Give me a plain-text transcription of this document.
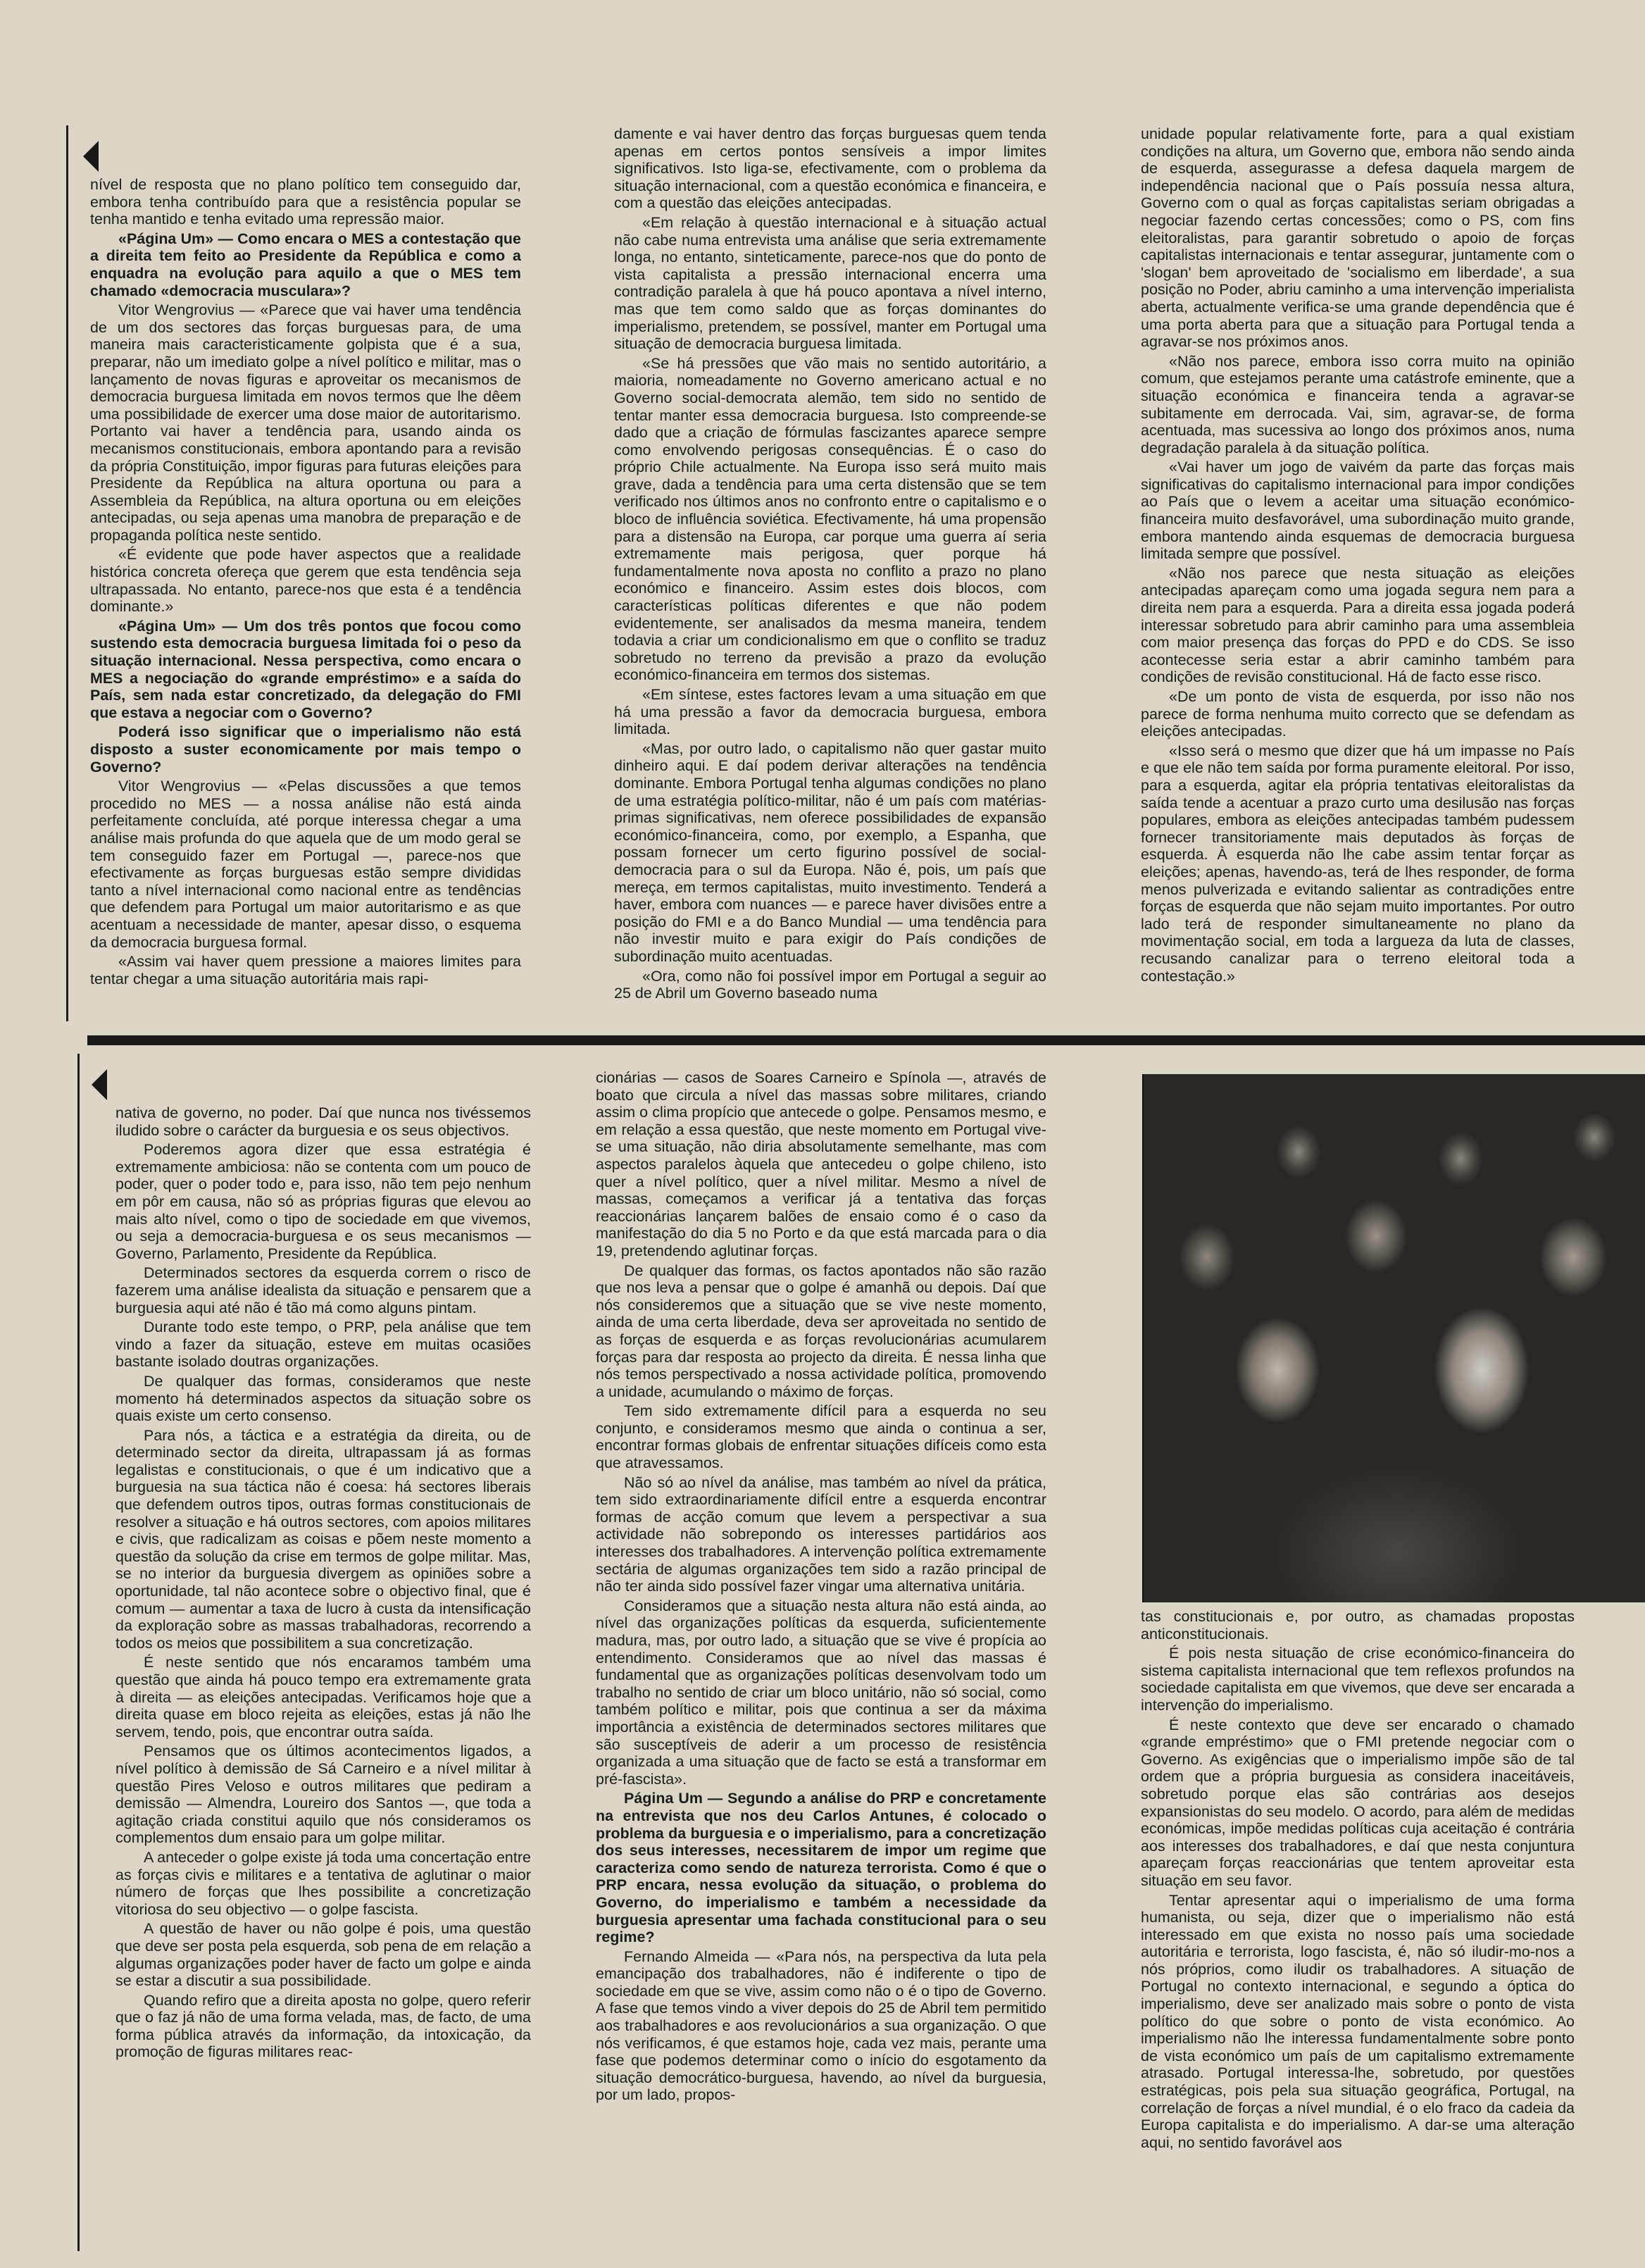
nível de resposta que no plano político tem conseguido dar, embora tenha contribuído para que a resistência popular se tenha mantido e tenha evitado uma repressão maior.

«Página Um» — Como encara o MES a contestação que a direita tem feito ao Presidente da República e como a enquadra na evolução para aquilo a que o MES tem chamado «democracia musculara»?

Vitor Wengrovius — «Parece que vai haver uma tendência de um dos sectores das forças burguesas para, de uma maneira mais caracteristicamente golpista que é a sua, preparar, não um imediato golpe a nível político e militar, mas o lançamento de novas figuras e aproveitar os mecanismos de democracia burguesa limitada em novos termos que lhe dêem uma possibilidade de exercer uma dose maior de autoritarismo. Portanto vai haver a tendência para, usando ainda os mecanismos constitucionais, embora apontando para a revisão da própria Constituição, impor figuras para futuras eleições para Presidente da República na altura oportuna ou para a Assembleia da República, na altura oportuna ou em eleições antecipadas, ou seja apenas uma manobra de preparação e de propaganda política neste sentido.

«É evidente que pode haver aspectos que a realidade histórica concreta ofereça que gerem que esta tendência seja ultrapassada. No entanto, parece-nos que esta é a tendência dominante.»

«Página Um» — Um dos três pontos que focou como sustendo esta democracia burguesa limitada foi o peso da situação internacional. Nessa perspectiva, como encara o MES a negociação do «grande empréstimo» e a saída do País, sem nada estar concretizado, da delegação do FMI que estava a negociar com o Governo?

Poderá isso significar que o imperialismo não está disposto a suster economicamente por mais tempo o Governo?

Vitor Wengrovius — «Pelas discussões a que temos procedido no MES — a nossa análise não está ainda perfeitamente concluída, até porque interessa chegar a uma análise mais profunda do que aquela que de um modo geral se tem conseguido fazer em Portugal —, parece-nos que efectivamente as forças burguesas estão sempre divididas tanto a nível internacional como nacional entre as tendências que defendem para Portugal um maior autoritarismo e as que acentuam a necessidade de manter, apesar disso, o esquema da democracia burguesa formal.

«Assim vai haver quem pressione a maiores limites para tentar chegar a uma situação autoritária mais rapi-

damente e vai haver dentro das forças burguesas quem tenda apenas em certos pontos sensíveis a impor limites significativos. Isto liga-se, efectivamente, com o problema da situação internacional, com a questão económica e financeira, e com a questão das eleições antecipadas.

«Em relação à questão internacional e à situação actual não cabe numa entrevista uma análise que seria extremamente longa, no entanto, sinteticamente, parece-nos que do ponto de vista capitalista a pressão internacional encerra uma contradição paralela à que há pouco apontava a nível interno, mas que tem como saldo que as forças dominantes do imperialismo, pretendem, se possível, manter em Portugal uma situação de democracia burguesa limitada.

«Se há pressões que vão mais no sentido autoritário, a maioria, nomeadamente no Governo americano actual e no Governo social-democrata alemão, tem sido no sentido de tentar manter essa democracia burguesa. Isto compreende-se dado que a criação de fórmulas fascizantes aparece sempre como envolvendo perigosas consequências. É o caso do próprio Chile actualmente. Na Europa isso será muito mais grave, dada a tendência para uma certa distensão que se tem verificado nos últimos anos no confronto entre o capitalismo e o bloco de influência soviética. Efectivamente, há uma propensão para a distensão na Europa, car porque uma guerra aí seria extremamente mais perigosa, quer porque há fundamentalmente nova aposta no conflito a prazo no plano económico e financeiro. Assim estes dois blocos, com características políticas diferentes e que não podem evidentemente, ser analisados da mesma maneira, tendem todavia a criar um condicionalismo em que o conflito se traduz sobretudo no terreno da previsão a prazo da evolução económico-financeira em termos dos sistemas.

«Em síntese, estes factores levam a uma situação em que há uma pressão a favor da democracia burguesa, embora limitada.

«Mas, por outro lado, o capitalismo não quer gastar muito dinheiro aqui. E daí podem derivar alterações na tendência dominante. Embora Portugal tenha algumas condições no plano de uma estratégia político-militar, não é um país com matérias-primas significativas, nem oferece possibilidades de expansão económico-financeira, como, por exemplo, a Espanha, que possam fornecer um certo figurino possível de social-democracia para o sul da Europa. Não é, pois, um país que mereça, em termos capitalistas, muito investimento. Tenderá a haver, embora com nuances — e parece haver divisões entre a posição do FMI e a do Banco Mundial — uma tendência para não investir muito e para exigir do País condições de subordinação muito acentuadas.

«Ora, como não foi possível impor em Portugal a seguir ao 25 de Abril um Governo baseado numa

unidade popular relativamente forte, para a qual existiam condições na altura, um Governo que, embora não sendo ainda de esquerda, assegurasse a defesa daquela margem de independência nacional que o País possuía nessa altura, Governo com o qual as forças capitalistas seriam obrigadas a negociar fazendo certas concessões; como o PS, com fins eleitoralistas, para garantir sobretudo o apoio de forças capitalistas internacionais e tentar assegurar, juntamente com o 'slogan' bem aproveitado de 'socialismo em liberdade', a sua posição no Poder, abriu caminho a uma intervenção imperialista aberta, actualmente verifica-se uma grande dependência que é uma porta aberta para que a situação para Portugal tenda a agravar-se nos próximos anos.

«Não nos parece, embora isso corra muito na opinião comum, que estejamos perante uma catástrofe eminente, que a situação económica e financeira tenda a agravar-se subitamente em derrocada. Vai, sim, agravar-se, de forma acentuada, mas sucessiva ao longo dos próximos anos, numa degradação paralela à da situação política.

«Vai haver um jogo de vaivém da parte das forças mais significativas do capitalismo internacional para impor condições ao País que o levem a aceitar uma situação económico-financeira muito desfavorável, uma subordinação muito grande, embora mantendo ainda esquemas de democracia burguesa limitada sempre que possível.

«Não nos parece que nesta situação as eleições antecipadas apareçam como uma jogada segura nem para a direita nem para a esquerda. Para a direita essa jogada poderá interessar sobretudo para abrir caminho para uma assembleia com maior presença das forças do PPD e do CDS. Se isso acontecesse seria estar a abrir caminho também para condições de revisão constitucional. Há de facto esse risco.

«De um ponto de vista de esquerda, por isso não nos parece de forma nenhuma muito correcto que se defendam as eleições antecipadas.

«Isso será o mesmo que dizer que há um impasse no País e que ele não tem saída por forma puramente eleitoral. Por isso, para a esquerda, agitar ela própria tentativas eleitoralistas da saída tende a acentuar a prazo curto uma desilusão nas forças populares, embora as eleições antecipadas também pudessem fornecer transitoriamente mais deputados às forças de esquerda. À esquerda não lhe cabe assim tentar forçar as eleições; apenas, havendo-as, terá de lhes responder, de forma menos pulverizada e evitando salientar as contradições entre forças de esquerda que não sejam muito importantes. Por outro lado terá de responder simultaneamente no plano da movimentação social, em toda a largueza da luta de classes, recusando canalizar para o terreno eleitoral toda a contestação.»

nativa de governo, no poder. Daí que nunca nos tivéssemos iludido sobre o carácter da burguesia e os seus objectivos.

Poderemos agora dizer que essa estratégia é extremamente ambiciosa: não se contenta com um pouco de poder, quer o poder todo e, para isso, não tem pejo nenhum em pôr em causa, não só as próprias figuras que elevou ao mais alto nível, como o tipo de sociedade em que vivemos, ou seja a democracia-burguesa e os seus mecanismos — Governo, Parlamento, Presidente da República.

Determinados sectores da esquerda correm o risco de fazerem uma análise idealista da situação e pensarem que a burguesia aqui até não é tão má como alguns pintam.

Durante todo este tempo, o PRP, pela análise que tem vindo a fazer da situação, esteve em muitas ocasiões bastante isolado doutras organizações.

De qualquer das formas, consideramos que neste momento há determinados aspectos da situação sobre os quais existe um certo consenso.

Para nós, a táctica e a estratégia da direita, ou de determinado sector da direita, ultrapassam já as formas legalistas e constitucionais, o que é um indicativo que a burguesia na sua táctica não é coesa: há sectores liberais que defendem outros tipos, outras formas constitucionais de resolver a situação e há outros sectores, com apoios militares e civis, que radicalizam as coisas e põem neste momento a questão da solução da crise em termos de golpe militar. Mas, se no interior da burguesia divergem as opiniões sobre a oportunidade, tal não acontece sobre o objectivo final, que é comum — aumentar a taxa de lucro à custa da intensificação da exploração sobre as massas trabalhadoras, recorrendo a todos os meios que possibilitem a sua concretização.

É neste sentido que nós encaramos também uma questão que ainda há pouco tempo era extremamente grata à direita — as eleições antecipadas. Verificamos hoje que a direita quase em bloco rejeita as eleições, estas já não lhe servem, tendo, pois, que encontrar outra saída.

Pensamos que os últimos acontecimentos ligados, a nível político à demissão de Sá Carneiro e a nível militar à questão Pires Veloso e outros militares que pediram a demissão — Almendra, Loureiro dos Santos —, que toda a agitação criada constitui aquilo que nós consideramos os complementos dum ensaio para um golpe militar.

A anteceder o golpe existe já toda uma concertação entre as forças civis e militares e a tentativa de aglutinar o maior número de forças que lhes possibilite a concretização vitoriosa do seu objectivo — o golpe fascista.

A questão de haver ou não golpe é pois, uma questão que deve ser posta pela esquerda, sob pena de em relação a algumas organizações poder haver de facto um golpe e ainda se estar a discutir a sua possibilidade.

Quando refiro que a direita aposta no golpe, quero referir que o faz já não de uma forma velada, mas, de facto, de uma forma pública através da informação, da intoxicação, da promoção de figuras militares reac-

cionárias — casos de Soares Carneiro e Spínola —, através de boato que circula a nível das massas sobre militares, criando assim o clima propício que antecede o golpe. Pensamos mesmo, e em relação a essa questão, que neste momento em Portugal vive-se uma situação, não diria absolutamente semelhante, mas com aspectos paralelos àquela que antecedeu o golpe chileno, isto quer a nível político, quer a nível militar. Mesmo a nível de massas, começamos a verificar já a tentativa das forças reaccionárias lançarem balões de ensaio como é o caso da manifestação do dia 5 no Porto e da que está marcada para o dia 19, pretendendo aglutinar forças.

De qualquer das formas, os factos apontados não são razão que nos leva a pensar que o golpe é amanhã ou depois. Daí que nós consideremos que a situação que se vive neste momento, ainda de uma certa liberdade, deva ser aproveitada no sentido de as forças de esquerda e as forças revolucionárias acumularem forças para dar resposta ao projecto da direita. É nessa linha que nós temos perspectivado a nossa actividade política, promovendo a unidade, acumulando o máximo de forças.

Tem sido extremamente difícil para a esquerda no seu conjunto, e consideramos mesmo que ainda o continua a ser, encontrar formas globais de enfrentar situações difíceis como esta que atravessamos.

Não só ao nível da análise, mas também ao nível da prática, tem sido extraordinariamente difícil entre a esquerda encontrar formas de acção comum que levem a perspectivar a sua actividade não sobrepondo os interesses partidários aos interesses dos trabalhadores. A intervenção política extremamente sectária de algumas organizações tem sido a razão principal de não ter ainda sido possível fazer vingar uma alternativa unitária.

Consideramos que a situação nesta altura não está ainda, ao nível das organizações políticas da esquerda, suficientemente madura, mas, por outro lado, a situação que se vive é propícia ao entendimento. Consideramos que ao nível das massas é fundamental que as organizações políticas desenvolvam todo um trabalho no sentido de criar um bloco unitário, não só social, como também político e militar, pois que continua a ser da máxima importância a existência de determinados sectores militares que são susceptíveis de aderir a um processo de resistência organizada a uma situação que de facto se está a transformar em pré-fascista».

Página Um — Segundo a análise do PRP e concretamente na entrevista que nos deu Carlos Antunes, é colocado o problema da burguesia e o imperialismo, para a concretização dos seus interesses, necessitarem de impor um regime que caracteriza como sendo de natureza terrorista. Como é que o PRP encara, nessa evolução da situação, o problema do Governo, do imperialismo e também a necessidade da burguesia apresentar uma fachada constitucional para o seu regime?

Fernando Almeida — «Para nós, na perspectiva da luta pela emancipação dos trabalhadores, não é indiferente o tipo de sociedade em que se vive, assim como não o é o tipo de Governo. A fase que temos vindo a viver depois do 25 de Abril tem permitido aos trabalhadores e aos revolucionários a sua organização. O que nós verificamos, é que estamos hoje, cada vez mais, perante uma fase que podemos determinar como o início do esgotamento da situação democrático-burguesa, havendo, ao nível da burguesia, por um lado, propos-

tas constitucionais e, por outro, as chamadas propostas anticonstitucionais.

É pois nesta situação de crise económico-financeira do sistema capitalista internacional que tem reflexos profundos na sociedade capitalista em que vivemos, que deve ser encarada a intervenção do imperialismo.

É neste contexto que deve ser encarado o chamado «grande empréstimo» que o FMI pretende negociar com o Governo. As exigências que o imperialismo impõe são de tal ordem que a própria burguesia as considera inaceitáveis, sobretudo porque elas são contrárias aos desejos expansionistas do seu modelo. O acordo, para além de medidas económicas, impõe medidas políticas cuja aceitação é contrária aos interesses dos trabalhadores, e daí que nesta conjuntura apareçam forças reaccionárias que tentem aproveitar esta situação em seu favor.

Tentar apresentar aqui o imperialismo de uma forma humanista, ou seja, dizer que o imperialismo não está interessado em que exista no nosso país uma sociedade autoritária e terrorista, logo fascista, é, não só iludir-mo-nos a nós próprios, como iludir os trabalhadores. A situação de Portugal no contexto internacional, e segundo a óptica do imperialismo, deve ser analizado mais sobre o ponto de vista político do que sobre o ponto de vista económico. Ao imperialismo não lhe interessa fundamentalmente sobre ponto de vista económico um país de um capitalismo extremamente atrasado. Portugal interessa-lhe, sobretudo, por questões estratégicas, pois pela sua situação geográfica, Portugal, na correlação de forças a nível mundial, é o elo fraco da cadeia da Europa capitalista e do imperialismo. A dar-se uma alteração aqui, no sentido favorável aos
